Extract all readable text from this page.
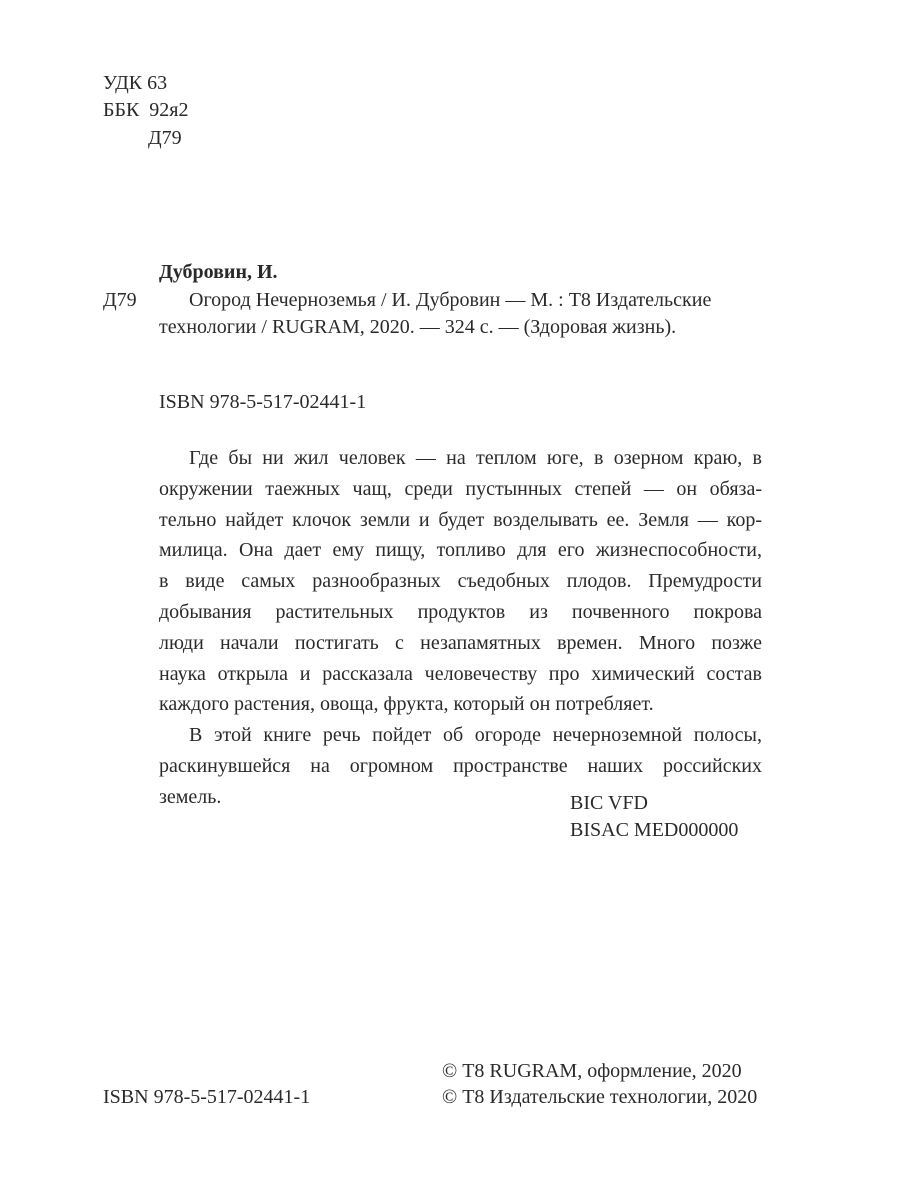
УДК 63
ББК  92я2
Д79
Дубровин, И.
Д79	Огород Нечерноземья / И. Дубровин — М. : Т8 Издательские
технологии / RUGRAM, 2020. — 324 с. — (Здоровая жизнь).
ISBN 978-5-517-02441-1
Где бы ни жил человек — на теплом юге, в озерном краю, в
окружении таежных чащ, среди пустынных степей — он обяза-
тельно найдет клочок земли и будет возделывать ее. Земля — кор-
милица. Она дает ему пищу, топливо для его жизнеспособности,
в виде самых разнообразных съедобных плодов. Премудрости
добывания растительных продуктов из почвенного покрова
люди начали постигать с незапамятных времен. Много позже
наука открыла и рассказала человечеству про химический состав
каждого растения, овоща, фрукта, который он потребляет.
В этой книге речь пойдет об огороде нечерноземной полосы,
раскинувшейся на огромном пространстве наших российских
земель.	BIC VFD
BISAC MED000000
© Т8 RUGRAM, оформление, 2020
ISBN 978-5-517-02441-1	© Т8 Издательские технологии, 2020
